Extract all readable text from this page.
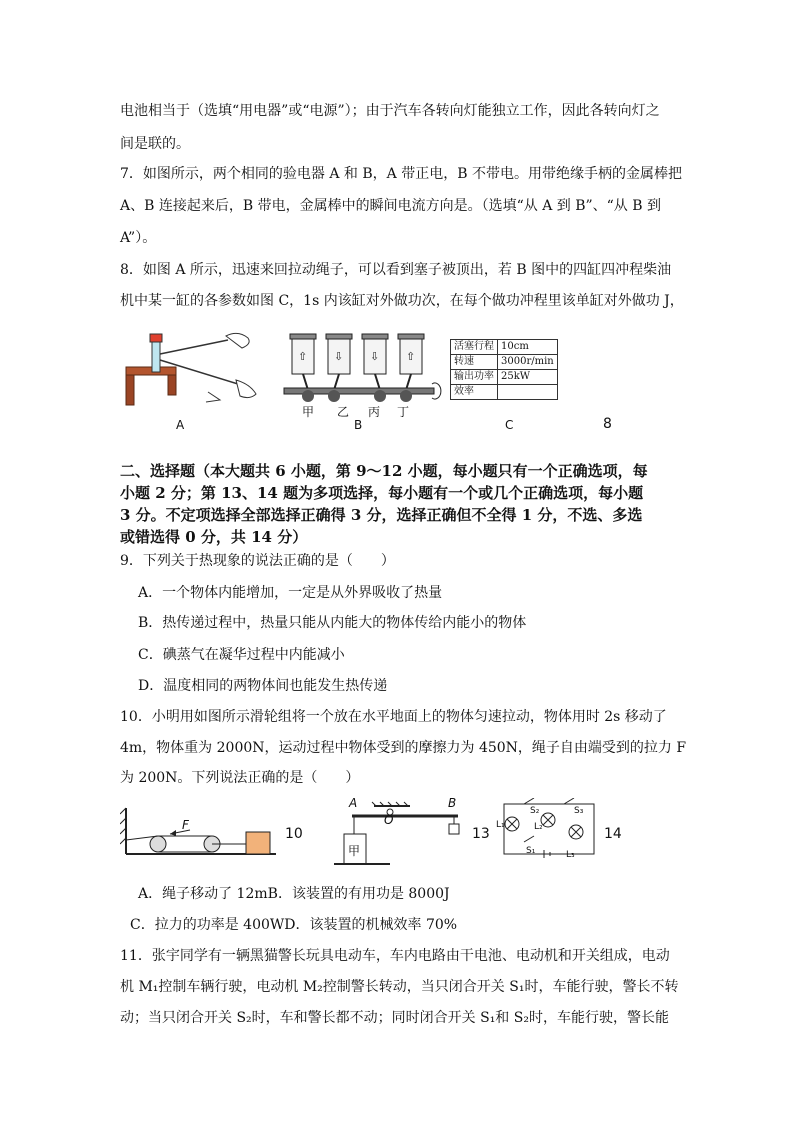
电池相当于（选填“用电器”或“电源”）；由于汽车各转向灯能独立工作，因此各转向灯之
间是联的。
7．如图所示，两个相同的验电器 A 和 B，A 带正电，B 不带电。用带绝缘手柄的金属棒把
A、B 连接起来后，B 带电，金属棒中的瞬间电流方向是。（选填“从 A 到 B”、“从 B 到
A”）。
8．如图 A 所示，迅速来回拉动绳子，可以看到塞子被顶出，若 B 图中的四缸四冲程柴油
机中某一缸的各参数如图 C，1s 内该缸对外做功次，在每个做功冲程里该单缸对外做功 J，
A
⇧ ⇩ ⇩ ⇧
甲 乙 丙 丁
B
活塞行程	10cm
转速	3000r/min
输出功率	25kW
效率	
C	8
二、选择题（本大题共 6 小题，第 9～12 小题，每小题只有一个正确选项，每
小题 2 分；第 13、14 题为多项选择，每小题有一个或几个正确选项，每小题
3 分。不定项选择全部选择正确得 3 分，选择正确但不全得 1 分，不选、多选
或错选得 0 分，共 14 分）
9．下列关于热现象的说法正确的是（　　）
A．一个物体内能增加，一定是从外界吸收了热量
B．热传递过程中，热量只能从内能大的物体传给内能小的物体
C．碘蒸气在凝华过程中内能减小
D．温度相同的两物体间也能发生热传递
10．小明用如图所示滑轮组将一个放在水平地面上的物体匀速拉动，物体用时 2s 移动了
4m，物体重为 2000N，运动过程中物体受到的摩擦力为 450N，绳子自由端受到的拉力 F
为 200N。下列说法正确的是（　　）
F
10
A	B
O
甲
13
S₂	S₃
L₁	L₂
S₁	L₃
14
A．绳子移动了 12mB．该装置的有用功是 8000J
C．拉力的功率是 400WD．该装置的机械效率 70%
11．张宇同学有一辆黑猫警长玩具电动车，车内电路由干电池、电动机和开关组成，电动
机 M₁控制车辆行驶，电动机 M₂控制警长转动，当只闭合开关 S₁时，车能行驶，警长不转
动；当只闭合开关 S₂时，车和警长都不动；同时闭合开关 S₁和 S₂时，车能行驶，警长能
